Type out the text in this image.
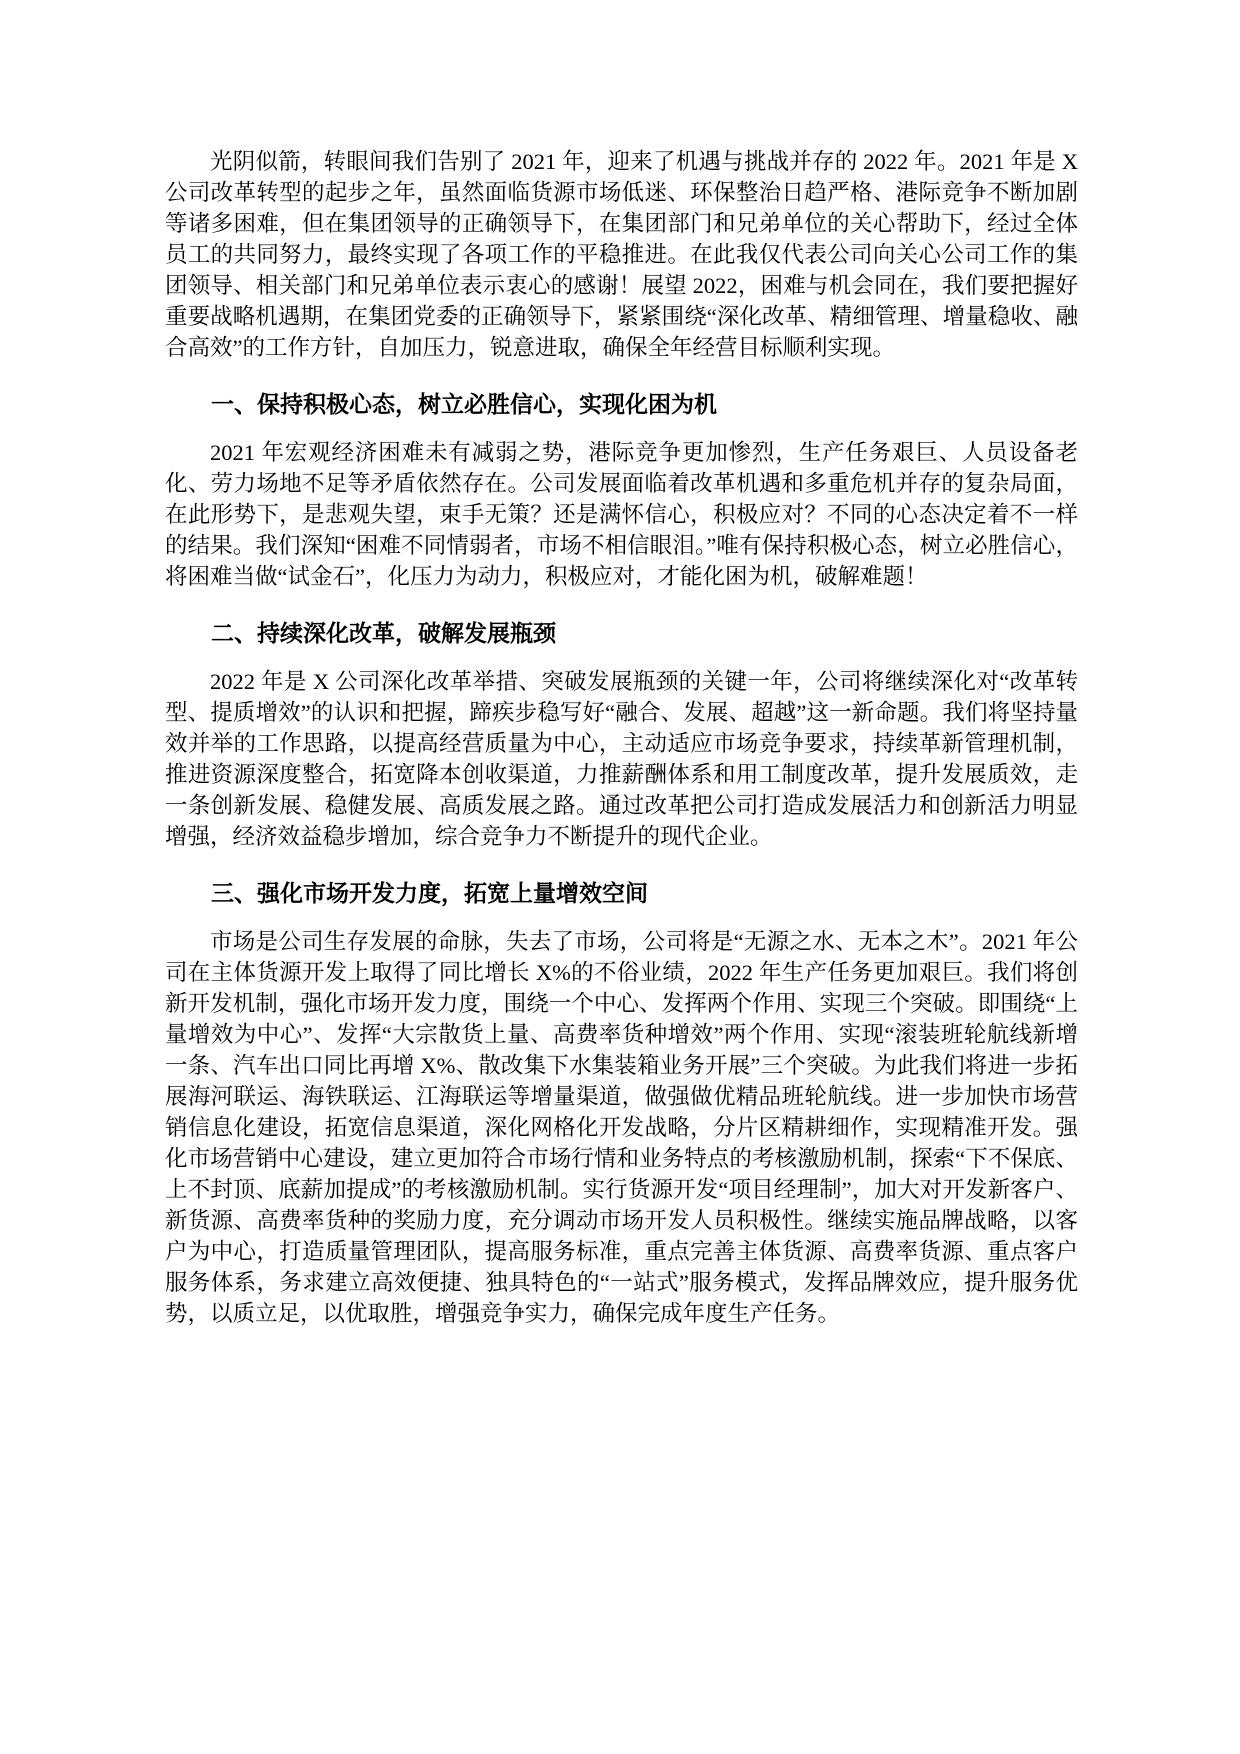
光阴似箭，转眼间我们告别了 2021 年，迎来了机遇与挑战并存的 2022 年。2021 年是 X 公司改革转型的起步之年，虽然面临货源市场低迷、环保整治日趋严格、港际竞争不断加剧等诸多困难，但在集团领导的正确领导下，在集团部门和兄弟单位的关心帮助下，经过全体员工的共同努力，最终实现了各项工作的平稳推进。在此我仅代表公司向关心公司工作的集团领导、相关部门和兄弟单位表示衷心的感谢！展望 2022，困难与机会同在，我们要把握好重要战略机遇期，在集团党委的正确领导下，紧紧围绕“深化改革、精细管理、增量稳收、融合高效”的工作方针，自加压力，锐意进取，确保全年经营目标顺利实现。

一、保持积极心态，树立必胜信心，实现化困为机

2021 年宏观经济困难未有减弱之势，港际竞争更加惨烈，生产任务艰巨、人员设备老化、劳力场地不足等矛盾依然存在。公司发展面临着改革机遇和多重危机并存的复杂局面，在此形势下，是悲观失望，束手无策？还是满怀信心，积极应对？不同的心态决定着不一样的结果。我们深知“困难不同情弱者，市场不相信眼泪。”唯有保持积极心态，树立必胜信心，将困难当做“试金石”，化压力为动力，积极应对，才能化困为机，破解难题！

二、持续深化改革，破解发展瓶颈

2022 年是 X 公司深化改革举措、突破发展瓶颈的关键一年，公司将继续深化对“改革转型、提质增效”的认识和把握，蹄疾步稳写好“融合、发展、超越”这一新命题。我们将坚持量效并举的工作思路，以提高经营质量为中心，主动适应市场竞争要求，持续革新管理机制，推进资源深度整合，拓宽降本创收渠道，力推薪酬体系和用工制度改革，提升发展质效，走一条创新发展、稳健发展、高质发展之路。通过改革把公司打造成发展活力和创新活力明显增强，经济效益稳步增加，综合竞争力不断提升的现代企业。

三、强化市场开发力度，拓宽上量增效空间

市场是公司生存发展的命脉，失去了市场，公司将是“无源之水、无本之木”。2021 年公司在主体货源开发上取得了同比增长 X%的不俗业绩，2022 年生产任务更加艰巨。我们将创新开发机制，强化市场开发力度，围绕一个中心、发挥两个作用、实现三个突破。即围绕“上量增效为中心”、发挥“大宗散货上量、高费率货种增效”两个作用、实现“滚装班轮航线新增一条、汽车出口同比再增 X%、散改集下水集装箱业务开展”三个突破。为此我们将进一步拓展海河联运、海铁联运、江海联运等增量渠道，做强做优精品班轮航线。进一步加快市场营销信息化建设，拓宽信息渠道，深化网格化开发战略，分片区精耕细作，实现精准开发。强化市场营销中心建设，建立更加符合市场行情和业务特点的考核激励机制，探索“下不保底、上不封顶、底薪加提成”的考核激励机制。实行货源开发“项目经理制”，加大对开发新客户、新货源、高费率货种的奖励力度，充分调动市场开发人员积极性。继续实施品牌战略，以客户为中心，打造质量管理团队，提高服务标准，重点完善主体货源、高费率货源、重点客户服务体系，务求建立高效便捷、独具特色的“一站式”服务模式，发挥品牌效应，提升服务优势，以质立足，以优取胜，增强竞争实力，确保完成年度生产任务。
